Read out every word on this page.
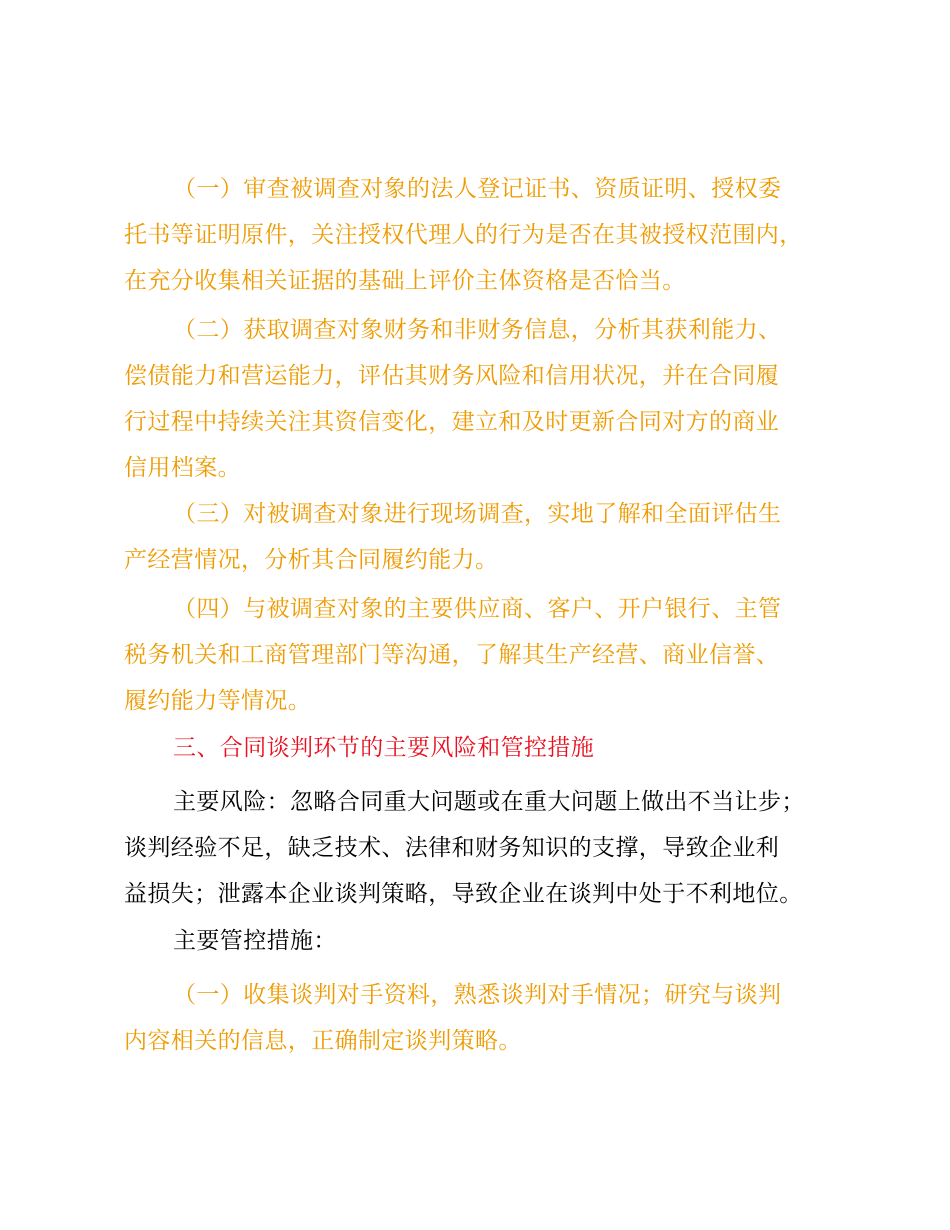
（一）审查被调查对象的法人登记证书、资质证明、授权委
托书等证明原件，关注授权代理人的行为是否在其被授权范围内，
在充分收集相关证据的基础上评价主体资格是否恰当。
（二）获取调查对象财务和非财务信息，分析其获利能力、
偿债能力和营运能力，评估其财务风险和信用状况，并在合同履
行过程中持续关注其资信变化，建立和及时更新合同对方的商业
信用档案。
（三）对被调查对象进行现场调查，实地了解和全面评估生
产经营情况，分析其合同履约能力。
（四）与被调查对象的主要供应商、客户、开户银行、主管
税务机关和工商管理部门等沟通，了解其生产经营、商业信誉、
履约能力等情况。
三、合同谈判环节的主要风险和管控措施
主要风险：忽略合同重大问题或在重大问题上做出不当让步；
谈判经验不足，缺乏技术、法律和财务知识的支撑，导致企业利
益损失；泄露本企业谈判策略，导致企业在谈判中处于不利地位。
主要管控措施：
（一）收集谈判对手资料，熟悉谈判对手情况；研究与谈判
内容相关的信息，正确制定谈判策略。
